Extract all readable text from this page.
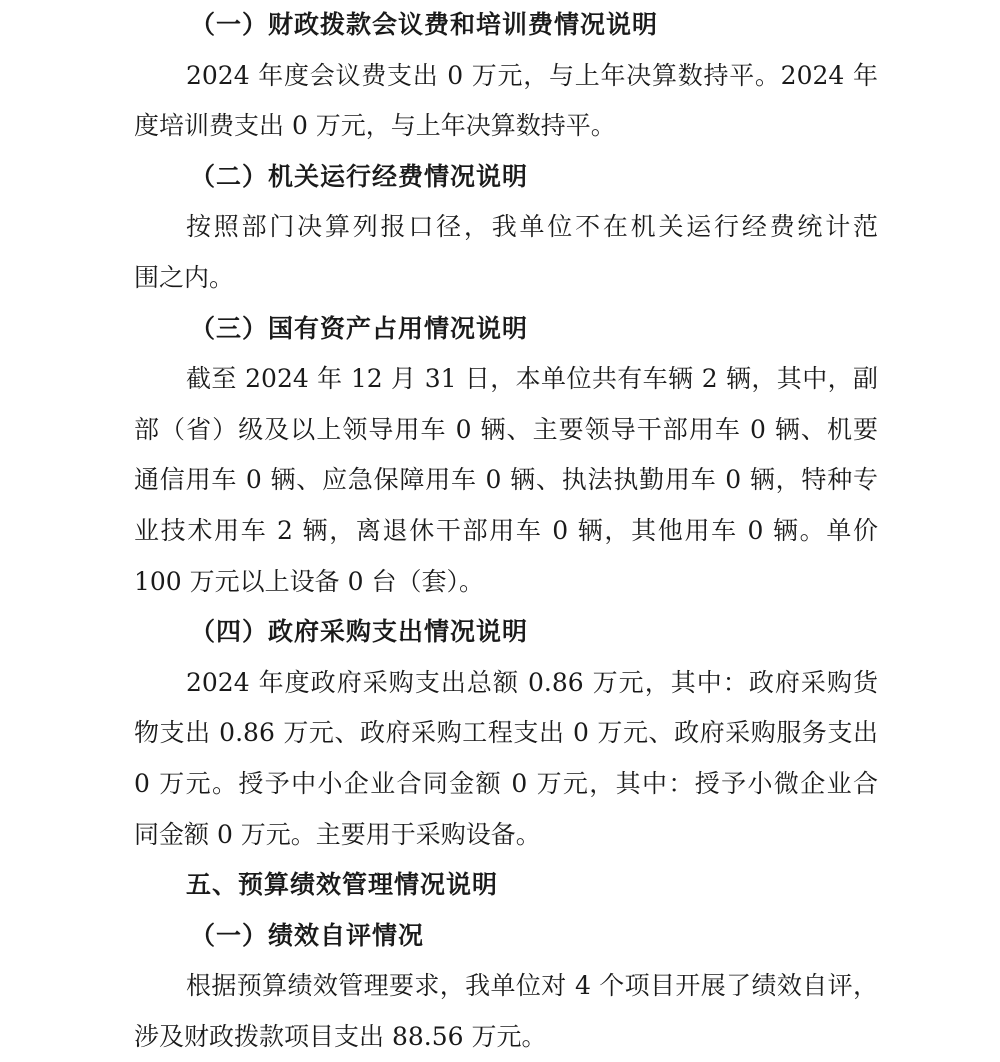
（一）财政拨款会议费和培训费情况说明
2024 年度会议费支出 0 万元，与上年决算数持平。2024 年
度培训费支出 0 万元，与上年决算数持平。
（二）机关运行经费情况说明
按照部门决算列报口径，我单位不在机关运行经费统计范
围之内。
（三）国有资产占用情况说明
截至 2024 年 12 月 31 日，本单位共有车辆 2 辆，其中，副
部（省）级及以上领导用车 0 辆、主要领导干部用车 0 辆、机要
通信用车 0 辆、应急保障用车 0 辆、执法执勤用车 0 辆，特种专
业技术用车 2 辆，离退休干部用车 0 辆，其他用车 0 辆。单价
100 万元以上设备 0 台（套）。
（四）政府采购支出情况说明
2024 年度政府采购支出总额 0.86 万元，其中：政府采购货
物支出 0.86 万元、政府采购工程支出 0 万元、政府采购服务支出
0 万元。授予中小企业合同金额 0 万元，其中：授予小微企业合
同金额 0 万元。主要用于采购设备。
五、预算绩效管理情况说明
（一）绩效自评情况
根据预算绩效管理要求，我单位对 4 个项目开展了绩效自评，
涉及财政拨款项目支出 88.56 万元。
